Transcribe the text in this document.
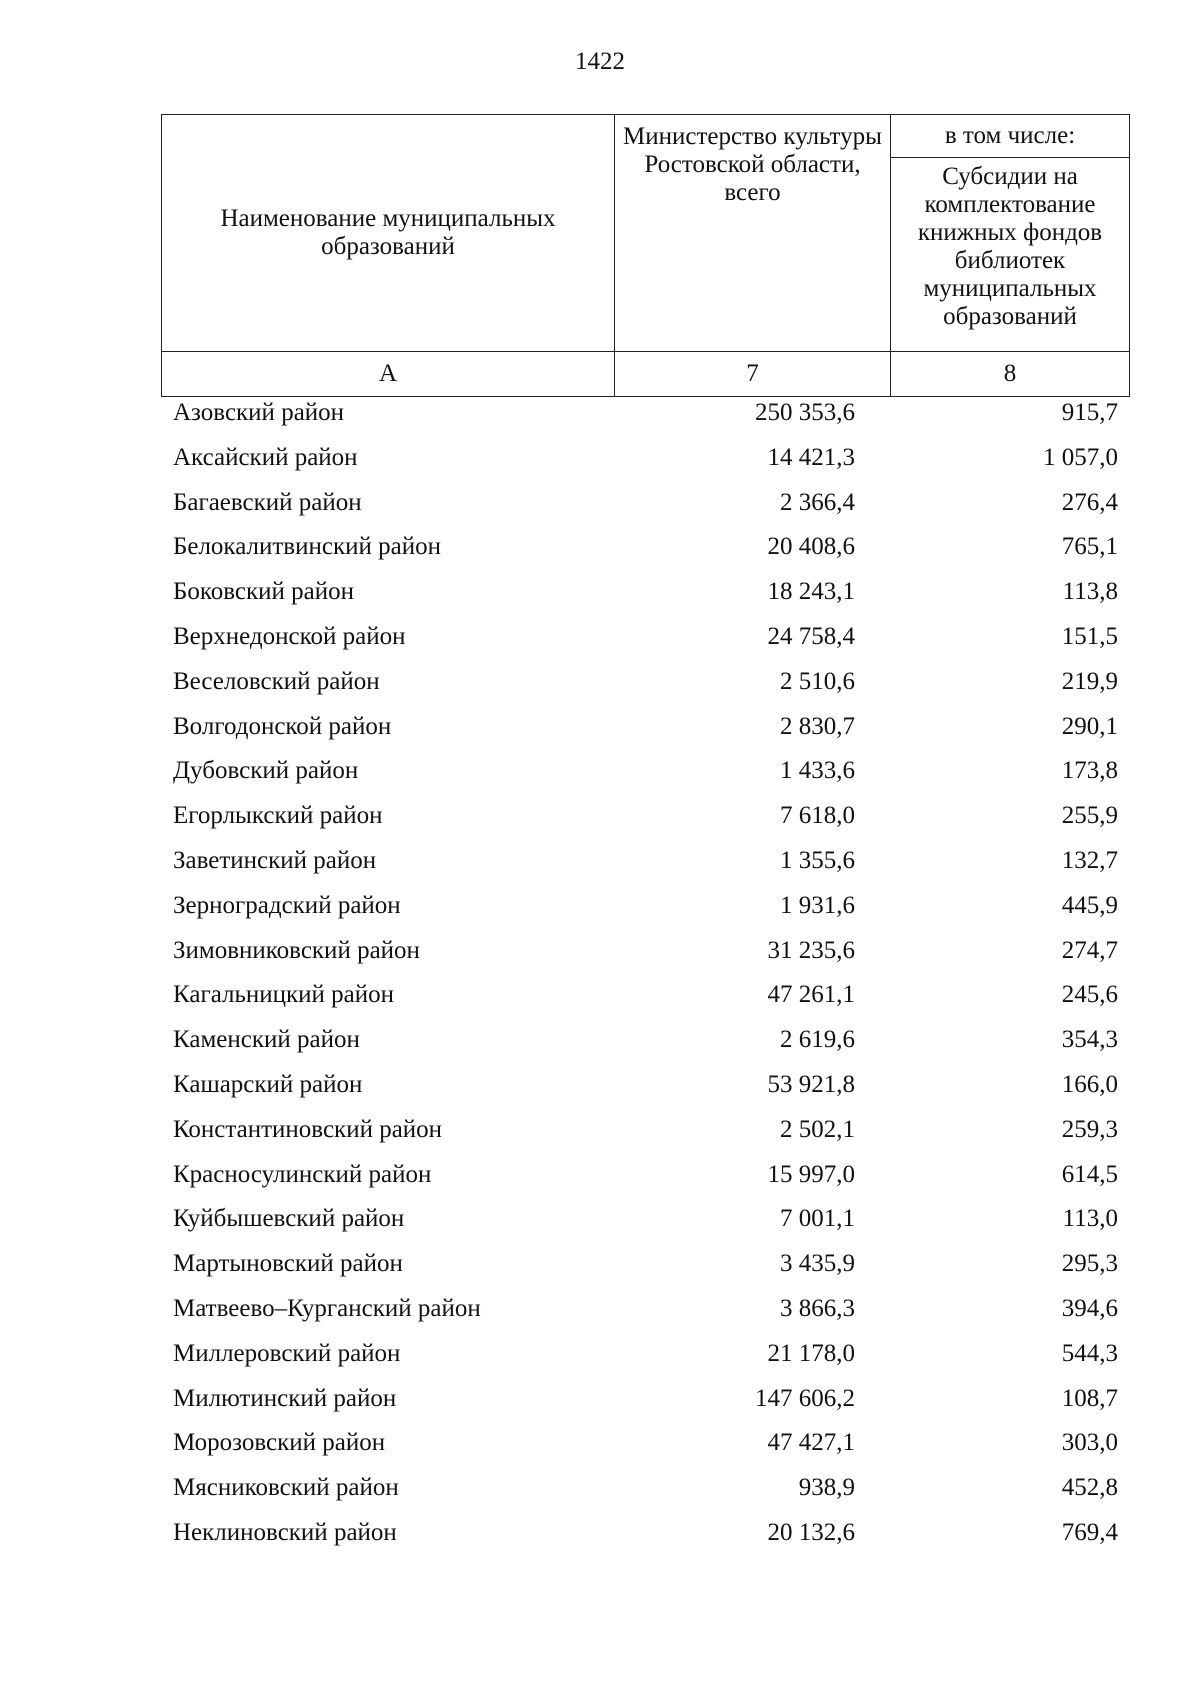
1422
Наименование муниципальных образований	Министерство культуры Ростовской области, всего	в том числе:
		Субсидии на комплектование книжных фондов библиотек муниципальных образований
А	7	8
Азовский район	250 353,6	915,7
Аксайский район	14 421,3	1 057,0
Багаевский район	2 366,4	276,4
Белокалитвинский район	20 408,6	765,1
Боковский район	18 243,1	113,8
Верхнедонской район	24 758,4	151,5
Веселовский район	2 510,6	219,9
Волгодонской район	2 830,7	290,1
Дубовский район	1 433,6	173,8
Егорлыкский район	7 618,0	255,9
Заветинский район	1 355,6	132,7
Зерноградский район	1 931,6	445,9
Зимовниковский район	31 235,6	274,7
Кагальницкий район	47 261,1	245,6
Каменский район	2 619,6	354,3
Кашарский район	53 921,8	166,0
Константиновский район	2 502,1	259,3
Красносулинский район	15 997,0	614,5
Куйбышевский район	7 001,1	113,0
Мартыновский район	3 435,9	295,3
Матвеево–Курганский район	3 866,3	394,6
Миллеровский район	21 178,0	544,3
Милютинский район	147 606,2	108,7
Морозовский район	47 427,1	303,0
Мясниковский район	938,9	452,8
Неклиновский район	20 132,6	769,4
